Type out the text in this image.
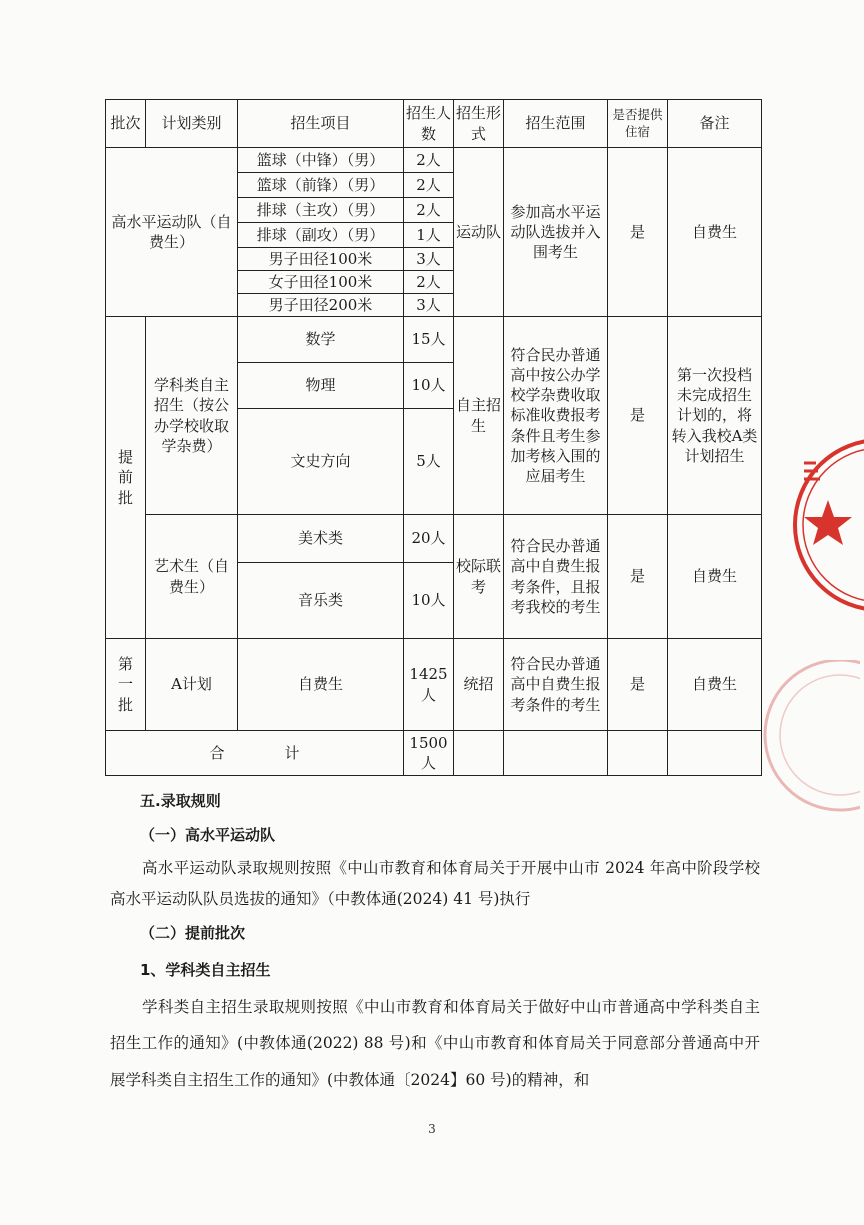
批次	计划类别	招生项目	招生人数	招生形式	招生范围	是否提供住宿	备注
高水平运动队（自费生）		篮球（中锋）（男）	2人	运动队	参加高水平运动队选拔并入围考生	是	自费生
		篮球（前锋）（男）	2人				
		排球（主攻）（男）	2人				
		排球（副攻）（男）	1人				
		男子田径100米	3人				
		女子田径100米	2人				
		男子田径200米	3人				
提前批	学科类自主招生（按公办学校收取学杂费）	数学	15人	自主招生	符合民办普通高中按公办学校学杂费收取标准收费报考条件且考生参加考核入围的应届考生	是	第一次投档未完成招生计划的，将转入我校A类计划招生
		物理	10人				
		文史方向	5人				
	艺术生（自费生）	美术类	20人	校际联考	符合民办普通高中自费生报考条件，且报考我校的考生	是	自费生
		音乐类	10人				
第一批	A计划	自费生	1425人	统招	符合民办普通高中自费生报考条件的考生	是	自费生
合 计			1500人				
五.录取规则
（一）高水平运动队
高水平运动队录取规则按照《中山市教育和体育局关于开展中山市 2024 年高中阶段学校高水平运动队队员选拔的通知》（中教体通(2024) 41 号)执行
（二）提前批次
1、学科类自主招生
学科类自主招生录取规则按照《中山市教育和体育局关于做好中山市普通高中学科类自主招生工作的通知》(中教体通(2022) 88 号)和《中山市教育和体育局关于同意部分普通高中开展学科类自主招生工作的通知》(中教体通〔2024】60 号)的精神，和
3
